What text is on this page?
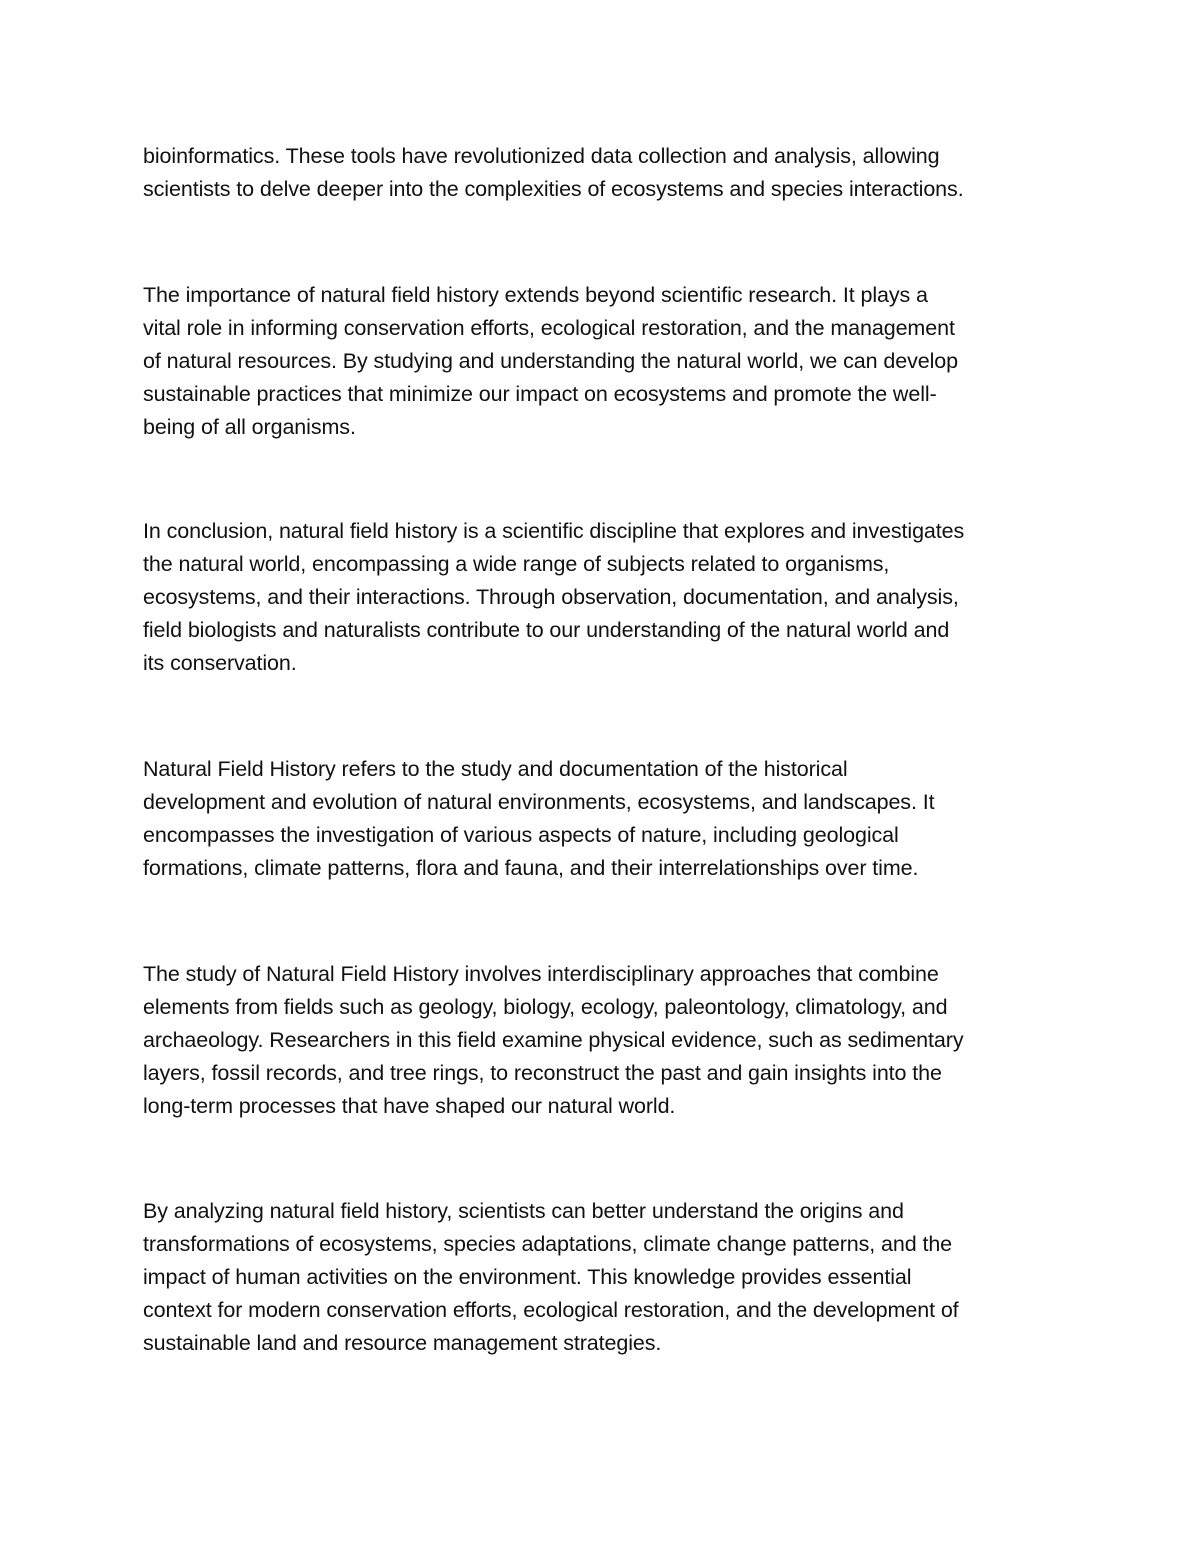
bioinformatics. These tools have revolutionized data collection and analysis, allowing

scientists to delve deeper into the complexities of ecosystems and species interactions.

The importance of natural field history extends beyond scientific research. It plays a

vital role in informing conservation efforts, ecological restoration, and the management

of natural resources. By studying and understanding the natural world, we can develop

sustainable practices that minimize our impact on ecosystems and promote the well-

being of all organisms.

In conclusion, natural field history is a scientific discipline that explores and investigates

the natural world, encompassing a wide range of subjects related to organisms,

ecosystems, and their interactions. Through observation, documentation, and analysis,

field biologists and naturalists contribute to our understanding of the natural world and

its conservation.

Natural Field History refers to the study and documentation of the historical

development and evolution of natural environments, ecosystems, and landscapes. It

encompasses the investigation of various aspects of nature, including geological

formations, climate patterns, flora and fauna, and their interrelationships over time.

The study of Natural Field History involves interdisciplinary approaches that combine

elements from fields such as geology, biology, ecology, paleontology, climatology, and

archaeology. Researchers in this field examine physical evidence, such as sedimentary

layers, fossil records, and tree rings, to reconstruct the past and gain insights into the

long-term processes that have shaped our natural world.

By analyzing natural field history, scientists can better understand the origins and

transformations of ecosystems, species adaptations, climate change patterns, and the

impact of human activities on the environment. This knowledge provides essential

context for modern conservation efforts, ecological restoration, and the development of

sustainable land and resource management strategies.
